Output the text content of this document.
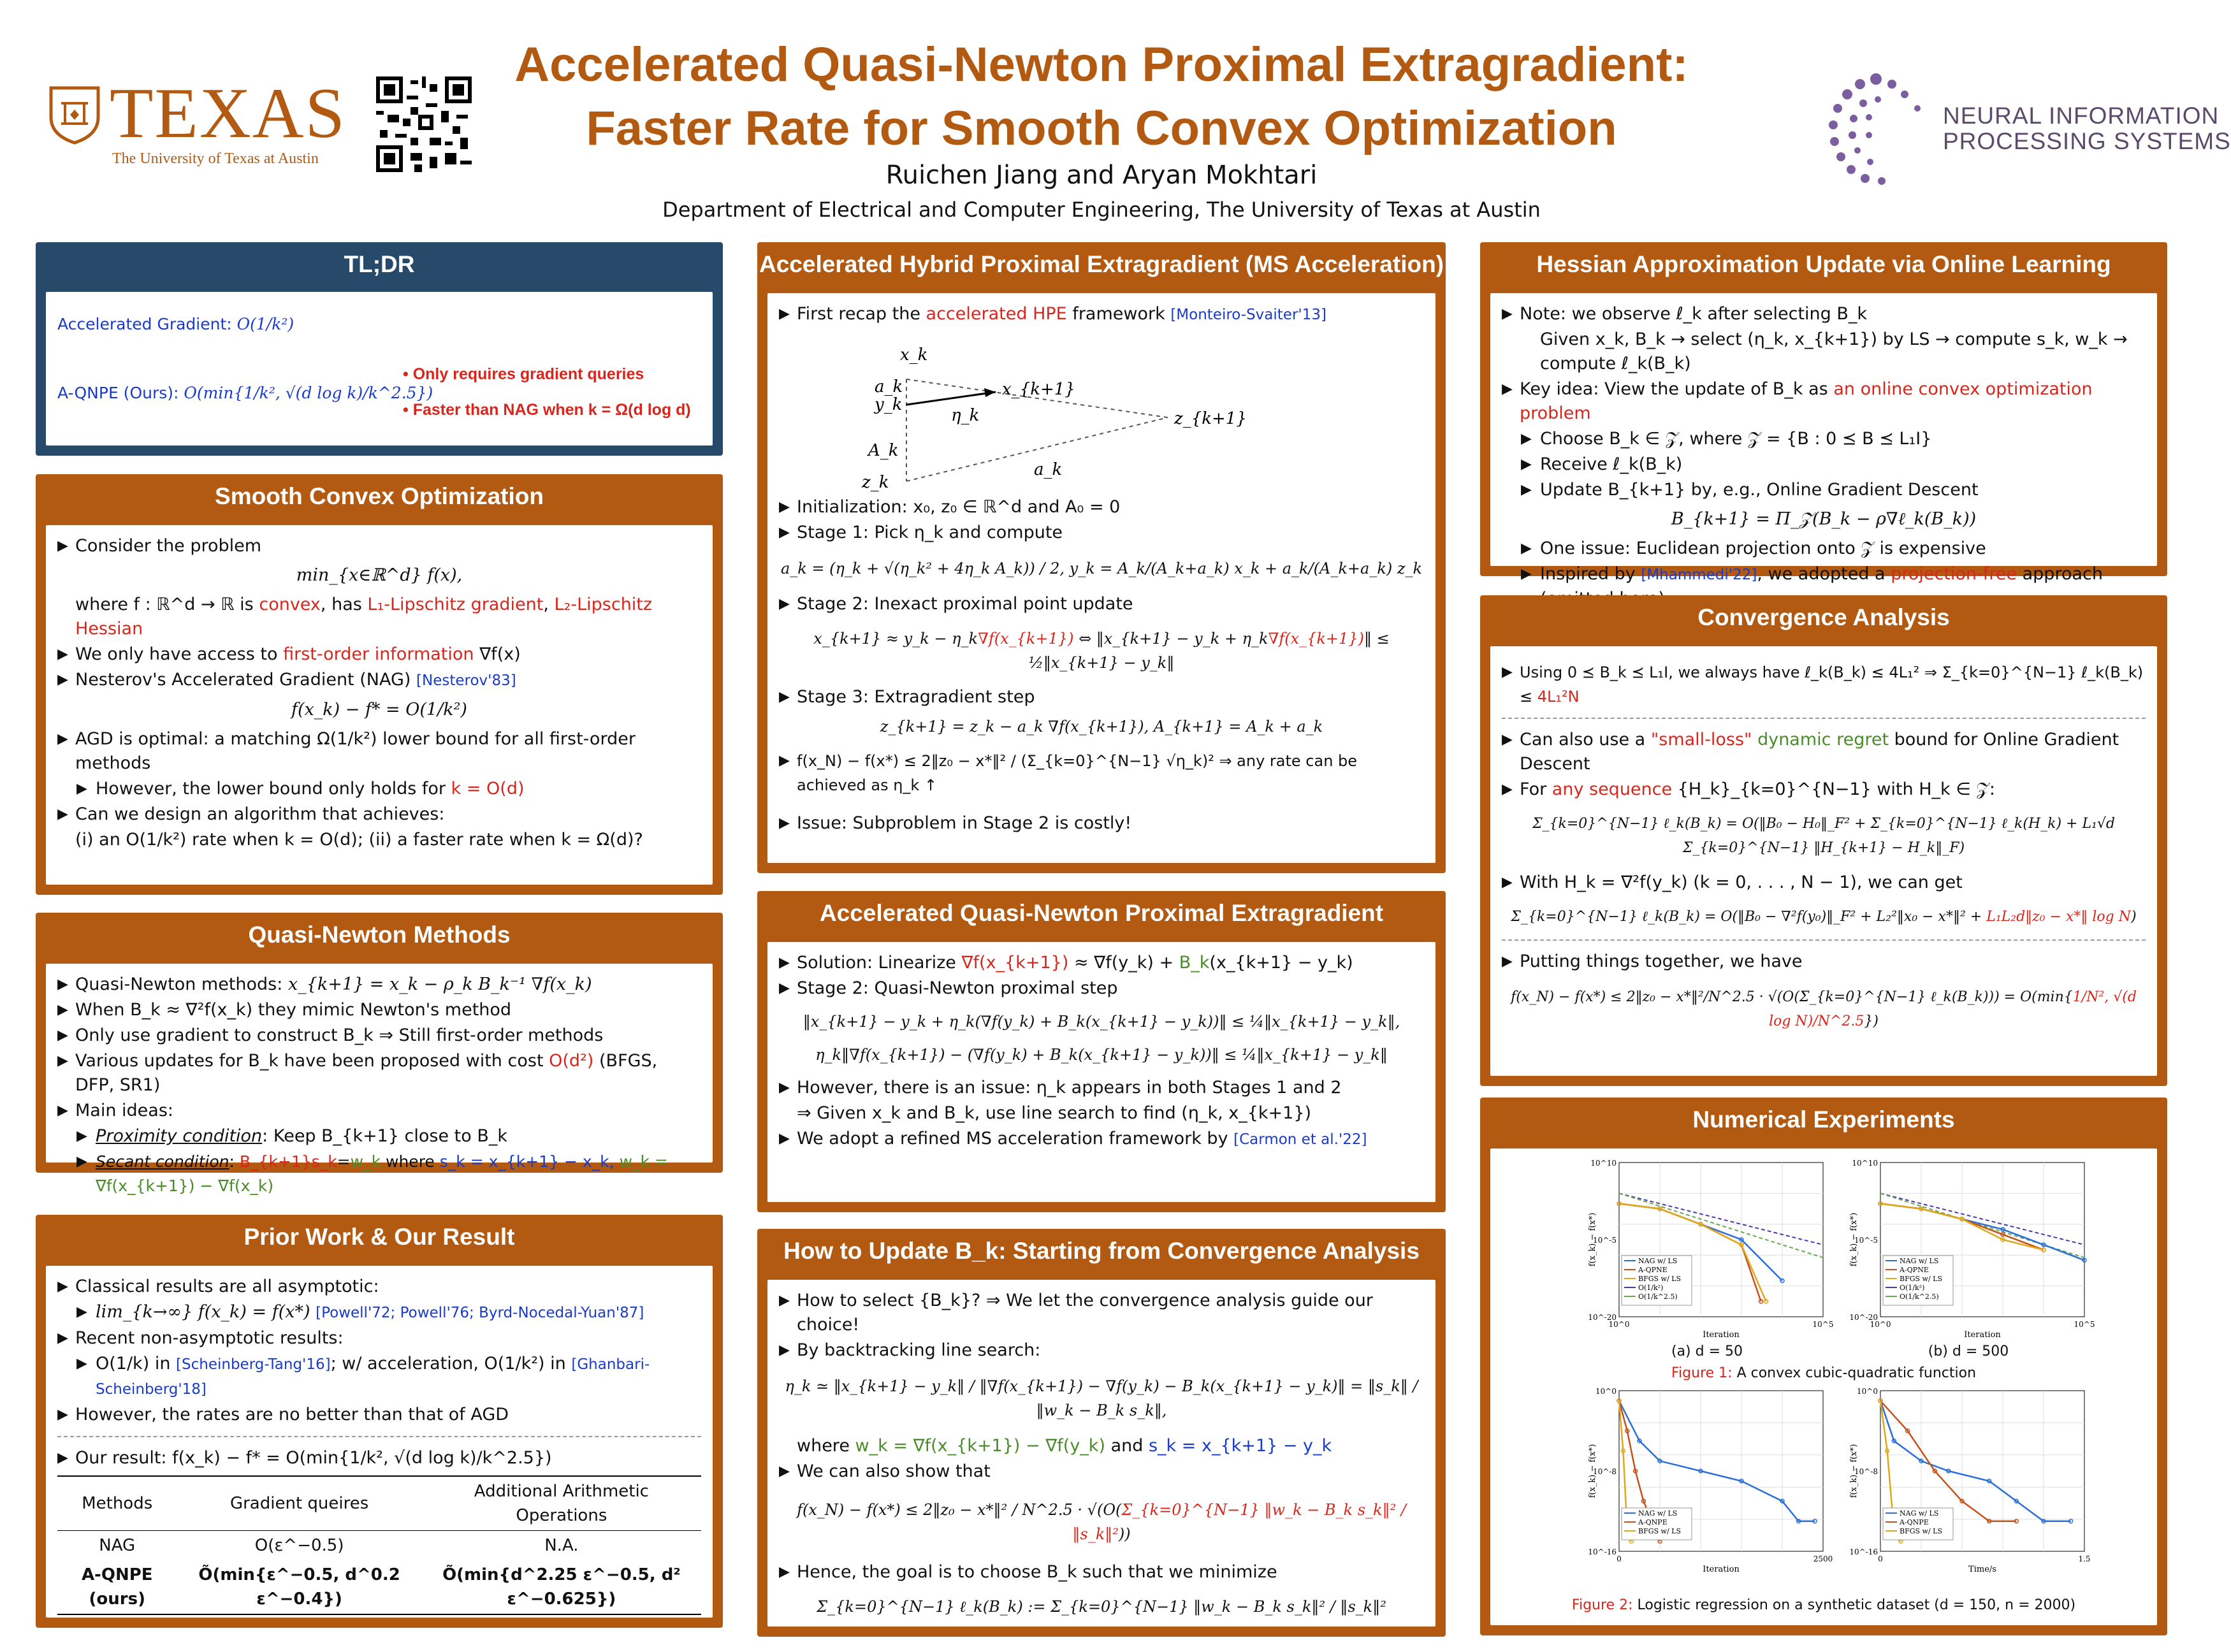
TEXAS
The University of Texas at Austin
Accelerated Quasi-Newton Proximal Extragradient:
Faster Rate for Smooth Convex Optimization
Ruichen Jiang and Aryan Mokhtari
Department of Electrical and Computer Engineering, The University of Texas at Austin
NEURAL INFORMATION
PROCESSING SYSTEMS
TL;DR
Accelerated Gradient: O(1/k²)
A-QNPE (Ours): O(min{1/k², √(d log k)/k^2.5})
• Only requires gradient queries
• Faster than NAG when k = Ω(d log d)
Smooth Convex Optimization
▶ Consider the problem
min_{x∈ℝ^d} f(x),
where f : ℝ^d → ℝ is convex, has L₁-Lipschitz gradient, L₂-Lipschitz Hessian
▶ We only have access to first-order information ∇f(x)
▶ Nesterov's Accelerated Gradient (NAG) [Nesterov'83]
f(x_k) − f* = O(1/k²)
▶ AGD is optimal: a matching Ω(1/k²) lower bound for all first-order methods
▶ However, the lower bound only holds for k = O(d)
▶ Can we design an algorithm that achieves:
(i) an O(1/k²) rate when k = O(d); (ii) a faster rate when k = Ω(d)?
Quasi-Newton Methods
▶ Quasi-Newton methods: x_{k+1} = x_k − ρ_k B_k⁻¹ ∇f(x_k)
▶ When B_k ≈ ∇²f(x_k) they mimic Newton's method
▶ Only use gradient to construct B_k ⇒ Still first-order methods
▶ Various updates for B_k have been proposed with cost O(d²) (BFGS, DFP, SR1)
▶ Main ideas:
▶ Proximity condition: Keep B_{k+1} close to B_k
▶ Secant condition: B_{k+1}s_k=w_k where s_k = x_{k+1} − x_k, w_k = ∇f(x_{k+1}) − ∇f(x_k)
Prior Work & Our Result
▶ Classical results are all asymptotic:
▶ lim_{k→∞} f(x_k) = f(x*) [Powell'72; Powell'76; Byrd-Nocedal-Yuan'87]
▶ Recent non-asymptotic results:
▶ O(1/k) in [Scheinberg-Tang'16]; w/ acceleration, O(1/k²) in [Ghanbari-Scheinberg'18]
▶ However, the rates are no better than that of AGD
▶ Our result: f(x_k) − f* = O(min{1/k², √(d log k)/k^2.5})
Methods	Gradient queires	Additional Arithmetic Operations
NAG	O(ε^−0.5)	N.A.
A-QNPE (ours)	Õ(min{ε^−0.5, d^0.2 ε^−0.4})	Õ(min{d^2.25 ε^−0.5, d² ε^−0.625})
Accelerated Hybrid Proximal Extragradient (MS Acceleration)
▶ First recap the accelerated HPE framework [Monteiro-Svaiter'13]
x_k
a_k
y_k
x_{k+1}
η_k
A_k
z_k
z_{k+1}
a_k
▶ Initialization: x₀, z₀ ∈ ℝ^d and A₀ = 0
▶ Stage 1: Pick η_k and compute
a_k = (η_k + √(η_k² + 4η_k A_k)) / 2, y_k = A_k/(A_k+a_k) x_k + a_k/(A_k+a_k) z_k
▶ Stage 2: Inexact proximal point update
x_{k+1} ≈ y_k − η_k∇f(x_{k+1}) ⇔ ‖x_{k+1} − y_k + η_k∇f(x_{k+1})‖ ≤ ½‖x_{k+1} − y_k‖
▶ Stage 3: Extragradient step
z_{k+1} = z_k − a_k ∇f(x_{k+1}), A_{k+1} = A_k + a_k
▶ f(x_N) − f(x*) ≤ 2‖z₀ − x*‖² / (Σ_{k=0}^{N−1} √η_k)² ⇒ any rate can be achieved as η_k ↑
▶ Issue: Subproblem in Stage 2 is costly!
Accelerated Quasi-Newton Proximal Extragradient
▶ Solution: Linearize ∇f(x_{k+1}) ≈ ∇f(y_k) + B_k(x_{k+1} − y_k)
▶ Stage 2: Quasi-Newton proximal step
‖x_{k+1} − y_k + η_k(∇f(y_k) + B_k(x_{k+1} − y_k))‖ ≤ ¼‖x_{k+1} − y_k‖,
η_k‖∇f(x_{k+1}) − (∇f(y_k) + B_k(x_{k+1} − y_k))‖ ≤ ¼‖x_{k+1} − y_k‖
▶ However, there is an issue: η_k appears in both Stages 1 and 2
⇒ Given x_k and B_k, use line search to find (η_k, x_{k+1})
▶ We adopt a refined MS acceleration framework by [Carmon et al.'22]
How to Update B_k: Starting from Convergence Analysis
▶ How to select {B_k}? ⇒ We let the convergence analysis guide our choice!
▶ By backtracking line search:
η_k ≃ ‖x_{k+1} − y_k‖ / ‖∇f(x_{k+1}) − ∇f(y_k) − B_k(x_{k+1} − y_k)‖ = ‖s_k‖ / ‖w_k − B_k s_k‖,
where w_k = ∇f(x_{k+1}) − ∇f(y_k) and s_k = x_{k+1} − y_k
▶ We can also show that
f(x_N) − f(x*) ≤ 2‖z₀ − x*‖² / N^2.5 · √(O(Σ_{k=0}^{N−1} ‖w_k − B_k s_k‖² / ‖s_k‖²))
▶ Hence, the goal is to choose B_k such that we minimize
Σ_{k=0}^{N−1} ℓ_k(B_k) := Σ_{k=0}^{N−1} ‖w_k − B_k s_k‖² / ‖s_k‖²
Hessian Approximation Update via Online Learning
▶ Note: we observe ℓ_k after selecting B_k
Given x_k, B_k → select (η_k, x_{k+1}) by LS → compute s_k, w_k → compute ℓ_k(B_k)
▶ Key idea: View the update of B_k as an online convex optimization problem
▶ Choose B_k ∈ 𝒵, where 𝒵 = {B : 0 ⪯ B ⪯ L₁I}
▶ Receive ℓ_k(B_k)
▶ Update B_{k+1} by, e.g., Online Gradient Descent
B_{k+1} = Π_𝒵(B_k − ρ∇ℓ_k(B_k))
▶ One issue: Euclidean projection onto 𝒵 is expensive
▶ Inspired by [Mhammedi'22], we adopted a projection-free approach
Convergence Analysis
▶ Using 0 ⪯ B_k ⪯ L₁I, we always have ℓ_k(B_k) ≤ 4L₁² ⇒ Σ_{k=0}^{N−1} ℓ_k(B_k) ≤ 4L₁²N
▶ Can also use a "small-loss" dynamic regret bound for Online Gradient Descent
▶ For any sequence {H_k}_{k=0}^{N−1} with H_k ∈ 𝒵:
Σ_{k=0}^{N−1} ℓ_k(B_k) = O(‖B₀ − H₀‖_F² + Σ_{k=0}^{N−1} ℓ_k(H_k) + L₁√d Σ_{k=0}^{N−1} ‖H_{k+1} − H_k‖_F)
▶ With H_k = ∇²f(y_k) (k = 0, . . . , N − 1), we can get
Σ_{k=0}^{N−1} ℓ_k(B_k) = O(‖B₀ − ∇²f(y₀)‖_F² + L₂²‖x₀ − x*‖² + L₁L₂d‖z₀ − x*‖ log N)
▶ Putting things together, we have
f(x_N) − f(x*) ≤ 2‖z₀ − x*‖²/N^2.5 · √(O(Σ_{k=0}^{N−1} ℓ_k(B_k))) = O(min{1/N², √(d log N)/N^2.5})
Numerical Experiments
10^10
10^-5
10^-20
10^0	10^5
Iteration
f(x_k) − f(x*)	NAG w/ LS
A-QPNE
BFGS w/ LS
O(1/k²)
O(1/k^2.5)
10^10
10^-5
10^-20
10^0	10^5
Iteration
f(x_k) − f(x*)	NAG w/ LS
A-QPNE
BFGS w/ LS
O(1/k²)
O(1/k^2.5)
(a) d = 50	(b) d = 500
Figure 1: A convex cubic-quadratic function
10^0
10^-8
10^-16
0	2500
Iteration
f(x_k) − f(x*)
NAG w/ LS
A-QNPE
BFGS w/ LS
10^0
10^-8
10^-16
0	1.5
Time/s
f(x_k) − f(x*)
NAG w/ LS
A-QNPE
BFGS w/ LS
Figure 2: Logistic regression on a synthetic dataset (d = 150, n = 2000)
